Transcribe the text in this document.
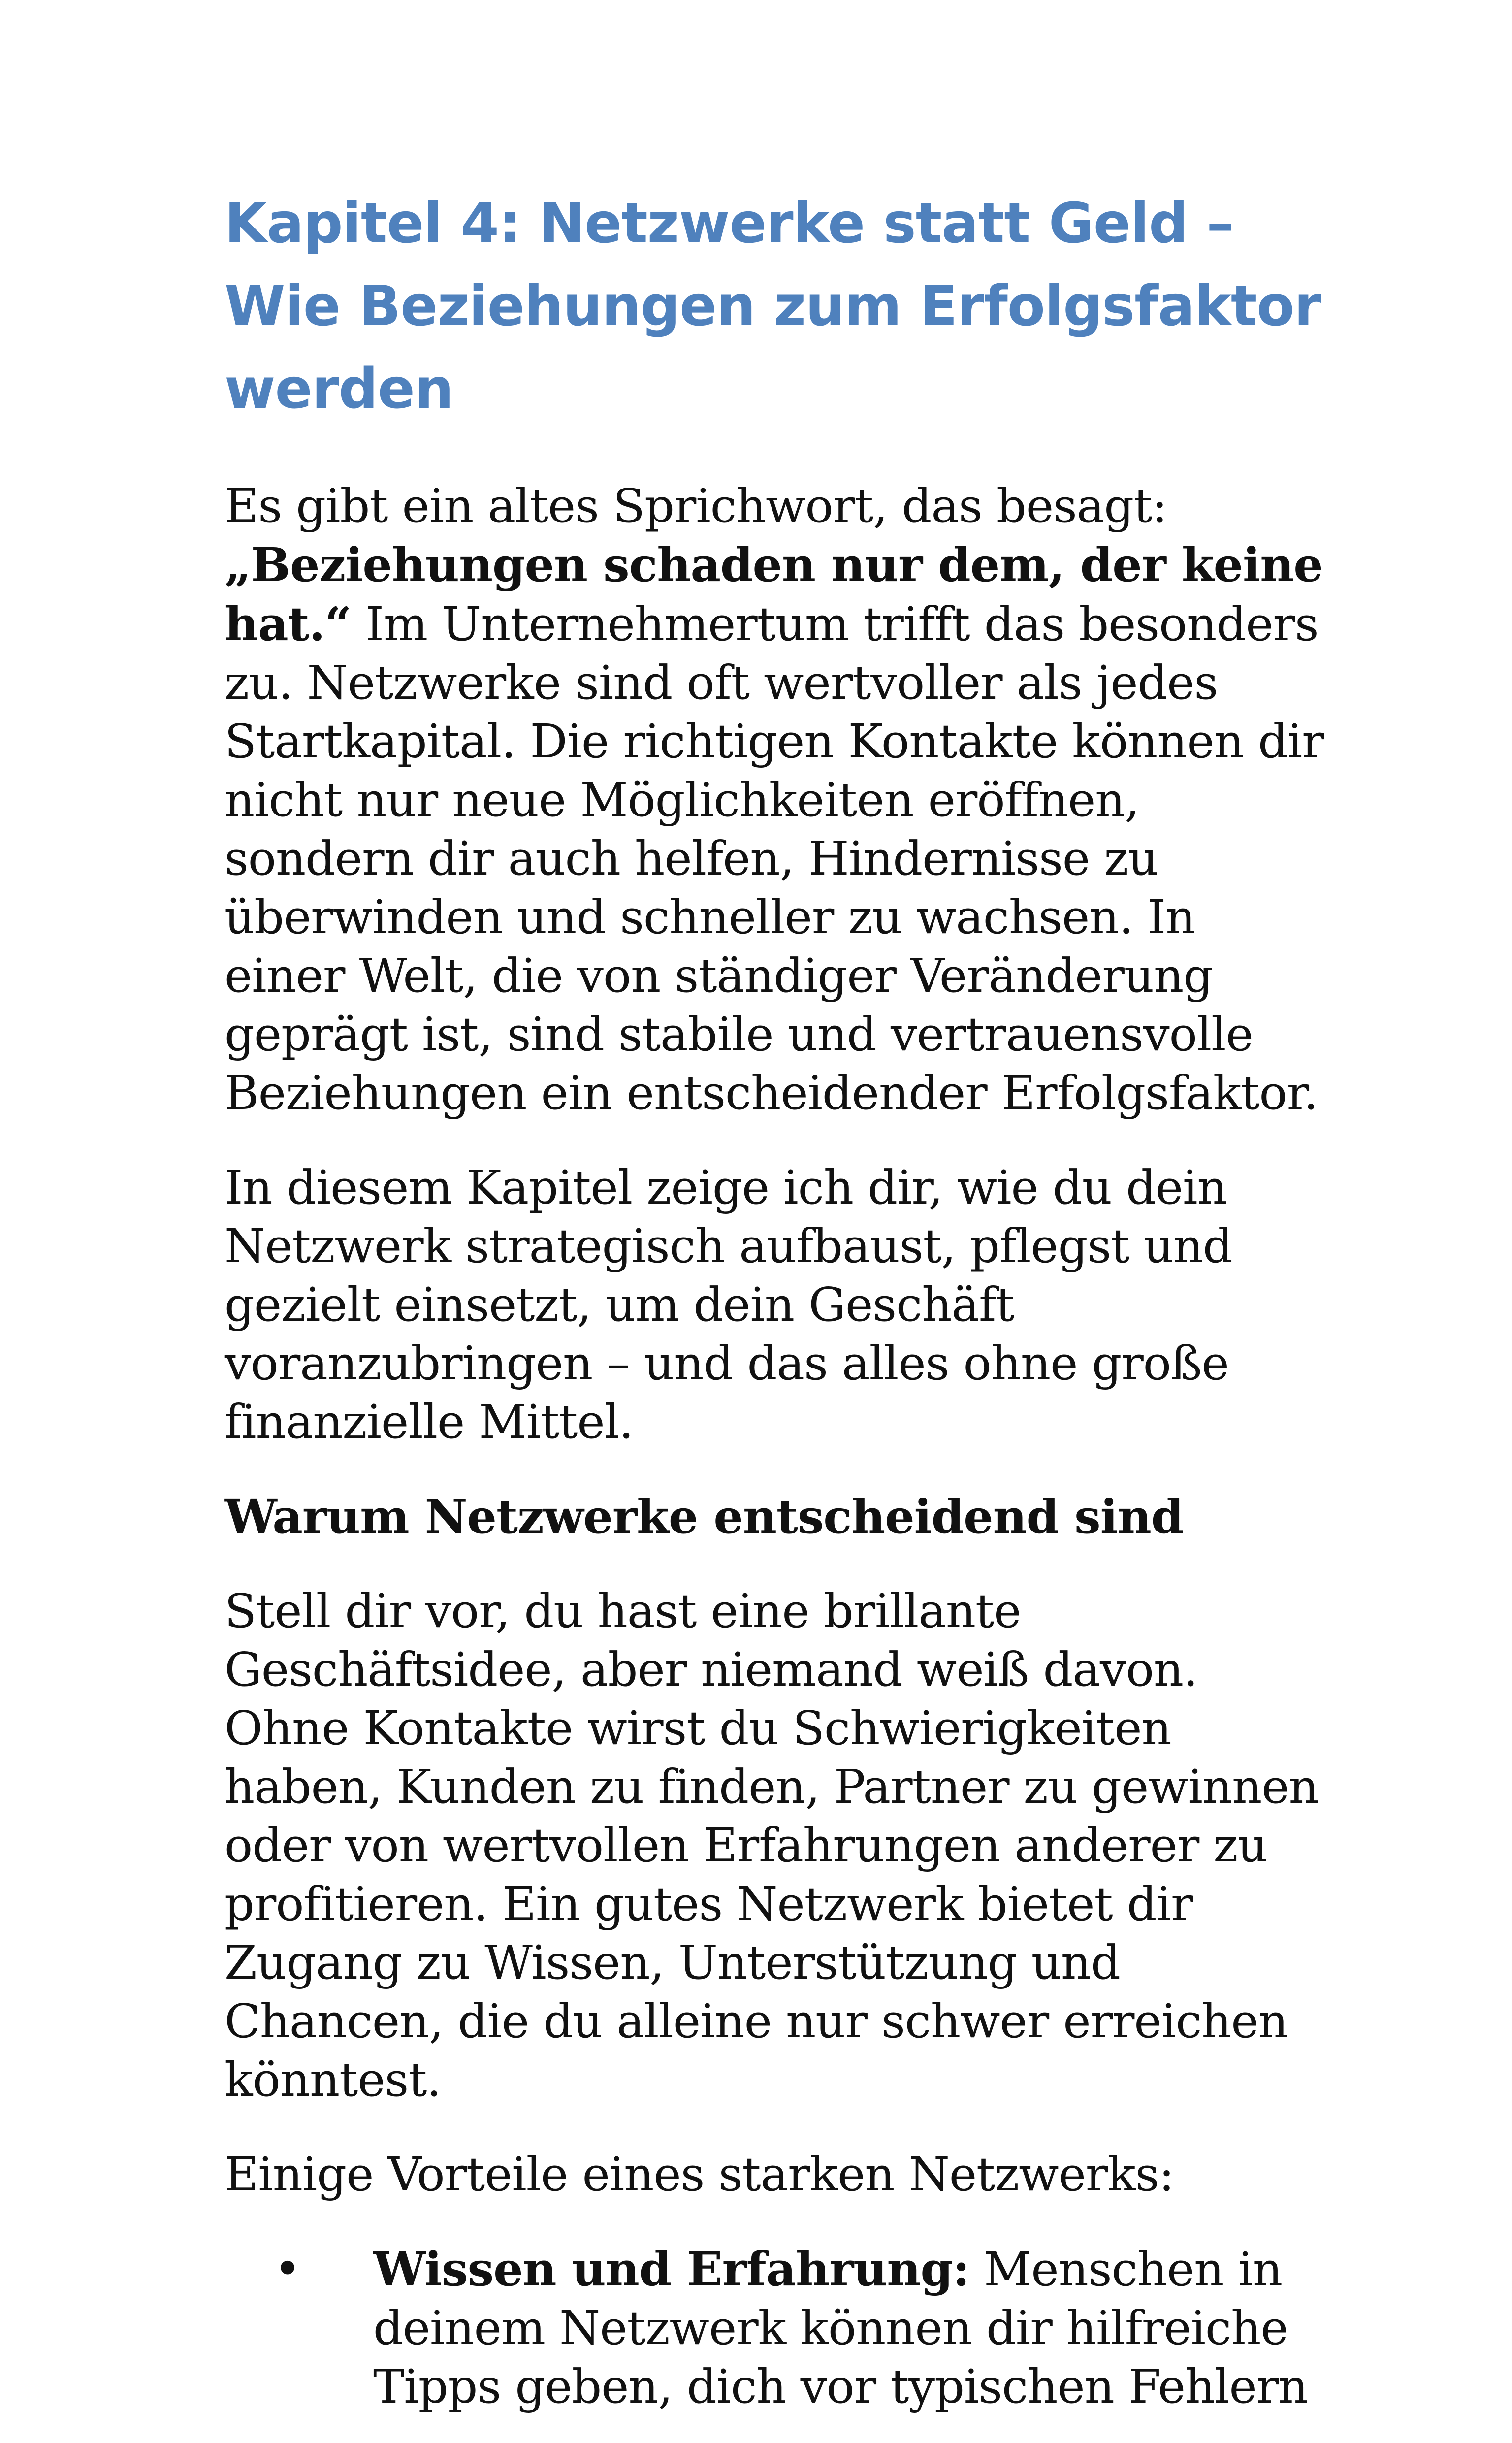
Kapitel 4: Netzwerke statt Geld – Wie Beziehungen zum Erfolgsfaktor werden

Es gibt ein altes Sprichwort, das besagt: „Beziehungen schaden nur dem, der keine hat.“ Im Unternehmertum trifft das besonders zu. Netzwerke sind oft wertvoller als jedes Startkapital. Die richtigen Kontakte können dir nicht nur neue Möglichkeiten eröffnen, sondern dir auch helfen, Hindernisse zu überwinden und schneller zu wachsen. In einer Welt, die von ständiger Veränderung geprägt ist, sind stabile und vertrauensvolle Beziehungen ein entscheidender Erfolgsfaktor.

In diesem Kapitel zeige ich dir, wie du dein Netzwerk strategisch aufbaust, pflegst und gezielt einsetzt, um dein Geschäft voranzubringen – und das alles ohne große finanzielle Mittel.

Warum Netzwerke entscheidend sind

Stell dir vor, du hast eine brillante Geschäftsidee, aber niemand weiß davon. Ohne Kontakte wirst du Schwierigkeiten haben, Kunden zu finden, Partner zu gewinnen oder von wertvollen Erfahrungen anderer zu profitieren. Ein gutes Netzwerk bietet dir Zugang zu Wissen, Unterstützung und Chancen, die du alleine nur schwer erreichen könntest.

Einige Vorteile eines starken Netzwerks:

• Wissen und Erfahrung: Menschen in deinem Netzwerk können dir hilfreiche Tipps geben, dich vor typischen Fehlern
